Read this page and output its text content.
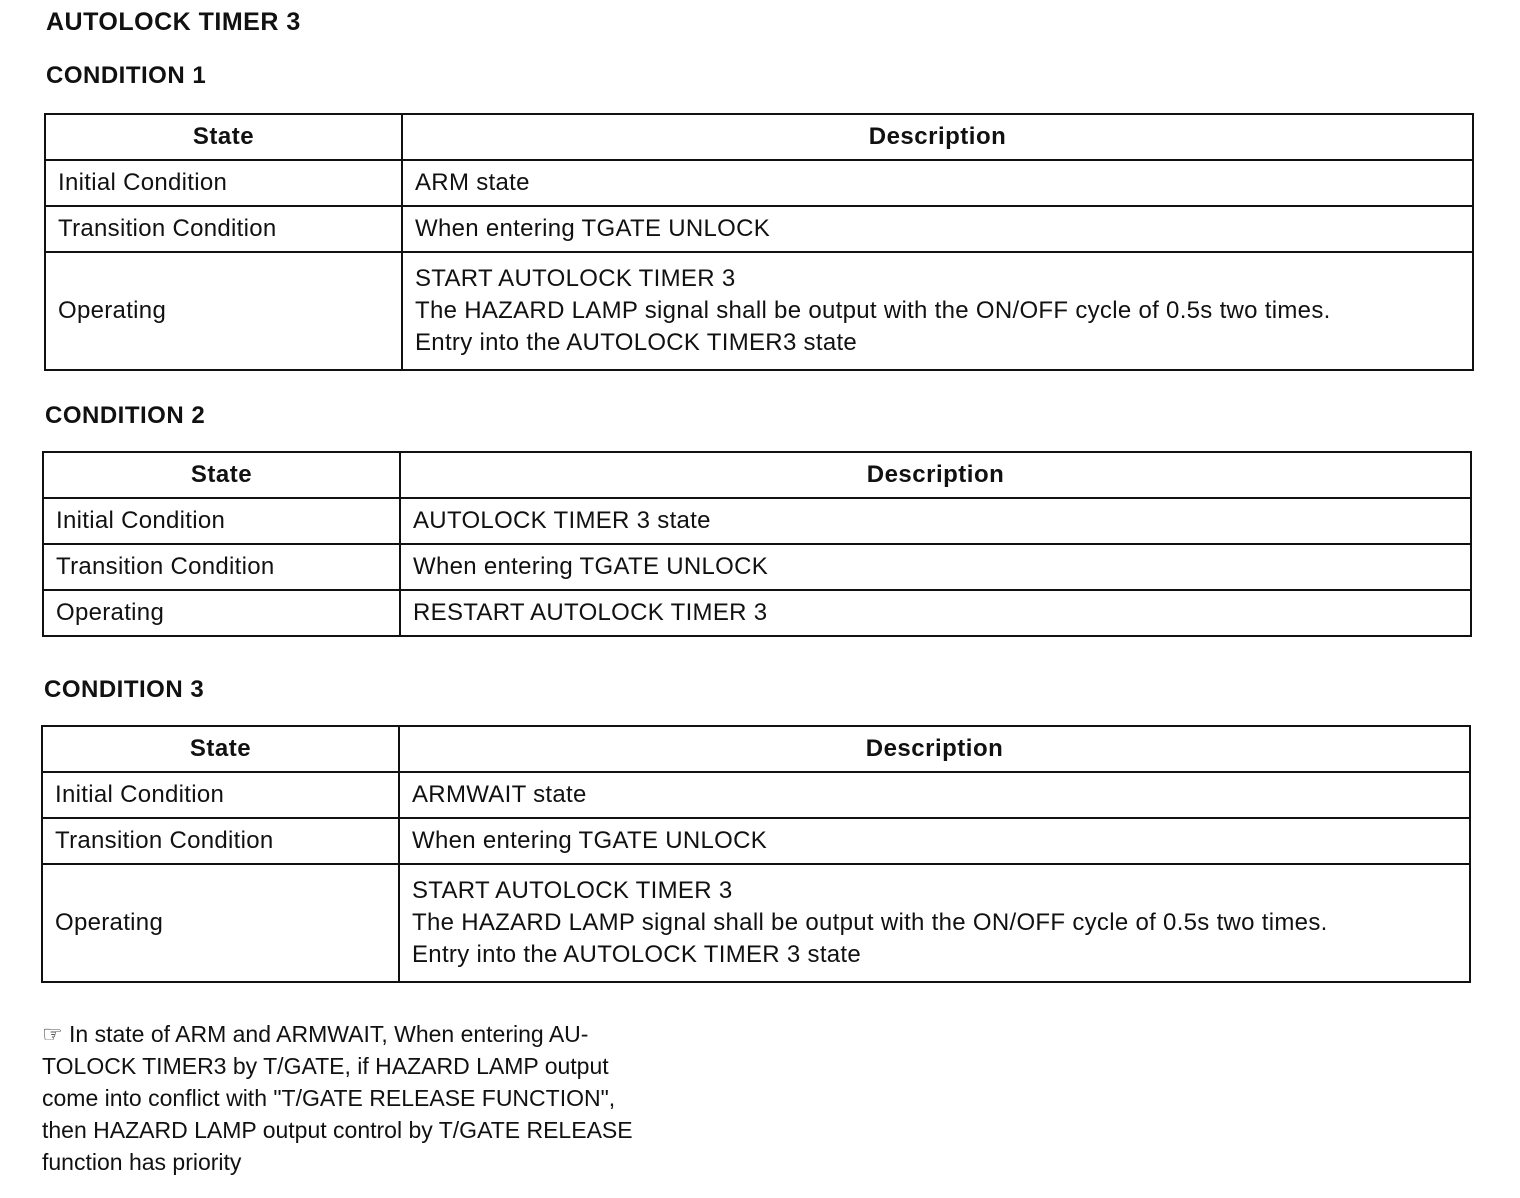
AUTOLOCK TIMER 3
CONDITION 1
State	Description
Initial Condition	ARM state

Transition Condition	When entering TGATE UNLOCK

Operating	START AUTOLOCK TIMER 3
The HAZARD LAMP signal shall be output with the ON/OFF cycle of 0.5s two times.
Entry into the AUTOLOCK TIMER3 state
CONDITION 2
State	Description
Initial Condition	AUTOLOCK TIMER 3 state

Transition Condition	When entering TGATE UNLOCK

Operating	RESTART AUTOLOCK TIMER 3
CONDITION 3
State	Description
Initial Condition	ARMWAIT state

Transition Condition	When entering TGATE UNLOCK

Operating	START AUTOLOCK TIMER 3
The HAZARD LAMP signal shall be output with the ON/OFF cycle of 0.5s two times.
Entry into the AUTOLOCK TIMER 3 state
☞ In state of ARM and ARMWAIT, When entering AU-
TOLOCK TIMER3 by T/GATE, if HAZARD LAMP output
come into conflict with "T/GATE RELEASE FUNCTION",
then HAZARD LAMP output control by T/GATE RELEASE
function has priority
